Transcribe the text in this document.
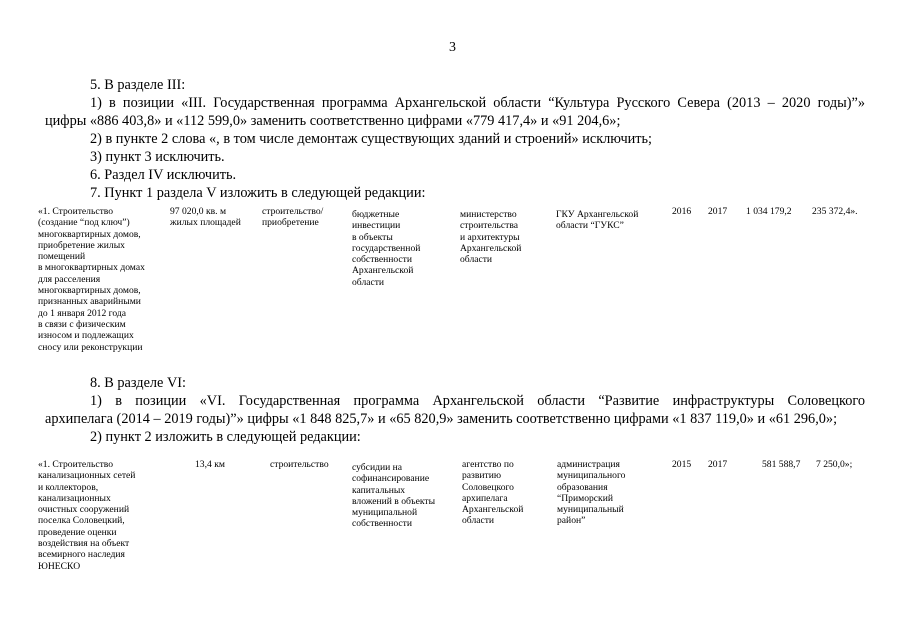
3
5. В разделе III:
1) в позиции «III. Государственная программа Архангельской области “Культура Русского Севера (2013 – 2020 годы)”»
цифры «886 403,8» и «112 599,0» заменить соответственно цифрами «779 417,4» и «91 204,6»;
2) в пункте 2 слова «, в том числе демонтаж существующих зданий и строений» исключить;
3) пункт 3 исключить.
6. Раздел IV исключить.
7. Пункт 1 раздела V изложить в следующей редакции:
«1. Строительство
(создание “под ключ”)
многоквартирных домов,
приобретение жилых
помещений
в многоквартирных домах
для расселения
многоквартирных домов,
признанных аварийными
до 1 января 2012 года
в связи с физическим
износом и подлежащих
сносу или реконструкции
97 020,0 кв. м
жилых площадей
строительство/
приобретение
бюджетные
инвестиции
в объекты
государственной
собственности
Архангельской
области
министерство
строительства
и архитектуры
Архангельской
области
ГКУ Архангельской
области “ГУКС”
2016 2017 1 034 179,2 235 372,4».
8. В разделе VI:
1) в позиции «VI. Государственная программа Архангельской области “Развитие инфраструктуры Соловецкого
архипелага (2014 – 2019 годы)”» цифры «1 848 825,7» и «65 820,9» заменить соответственно цифрами «1 837 119,0» и «61 296,0»;
2) пункт 2 изложить в следующей редакции:
«1. Строительство
канализационных сетей
и коллекторов,
канализационных
очистных сооружений
поселка Соловецкий,
проведение оценки
воздействия на объект
всемирного наследия
ЮНЕСКО
13,4 км	строительство субсидии на
софинансирование
капитальных
вложений в объекты
муниципальной
собственности
агентство по
развитию
Соловецкого
архипелага
Архангельской
области
администрация
муниципального
образования
“Приморский
муниципальный
район”
2015 2017	581 588,7 7 250,0»;
